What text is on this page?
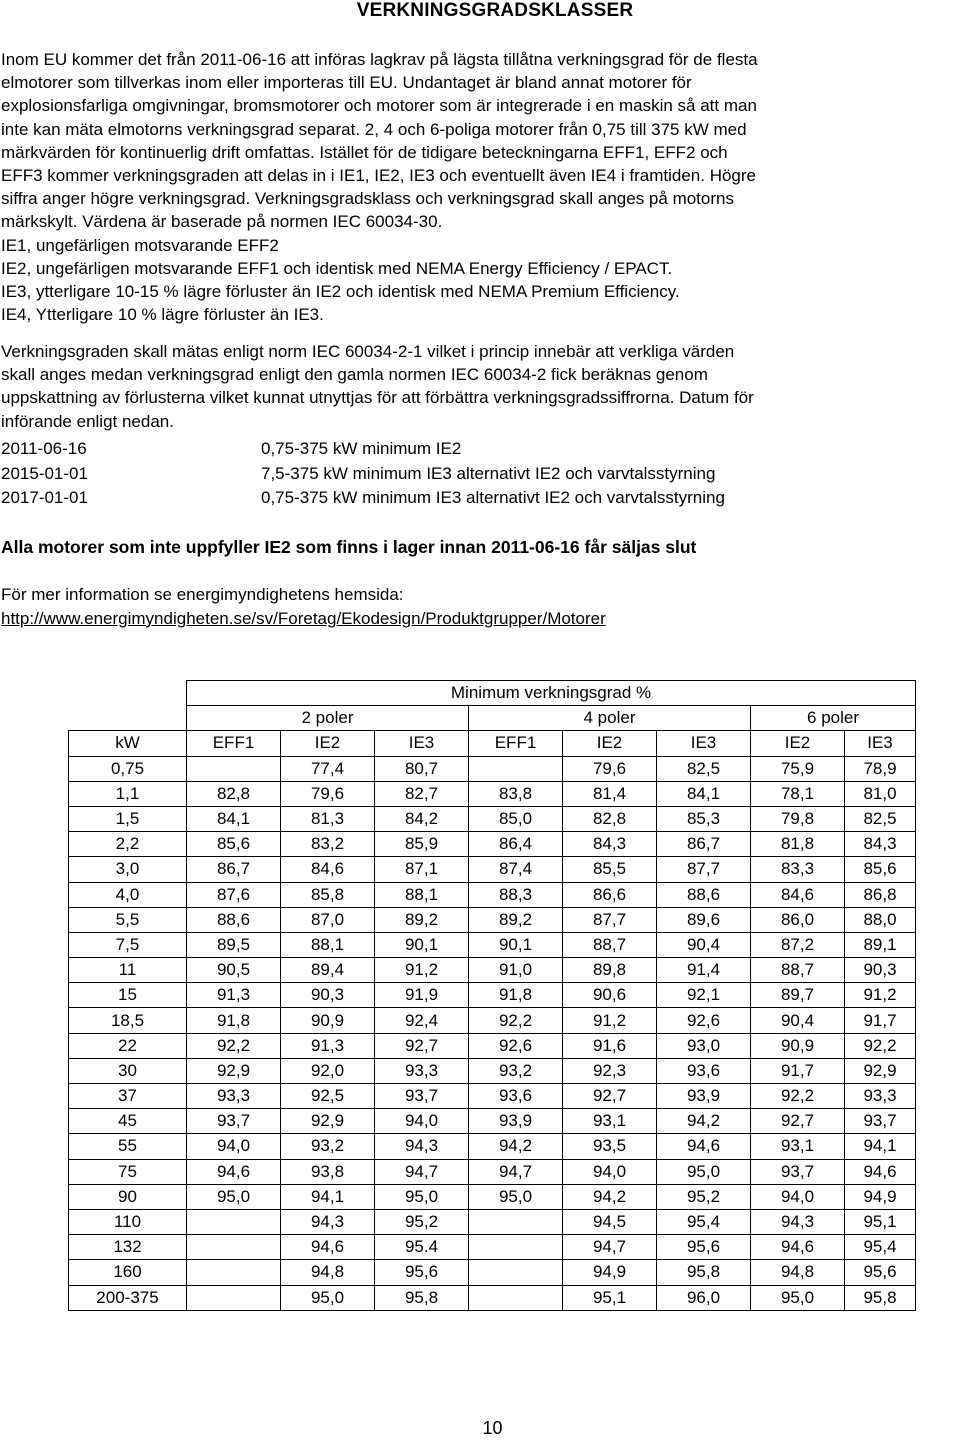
VERKNINGSGRADSKLASSER
Inom EU kommer det från 2011-06-16 att införas lagkrav på lägsta tillåtna verkningsgrad för de flesta
elmotorer som tillverkas inom eller importeras till EU. Undantaget är bland annat motorer för
explosionsfarliga omgivningar, bromsmotorer och motorer som är integrerade i en maskin så att man
inte kan mäta elmotorns verkningsgrad separat. 2, 4 och 6-poliga motorer från 0,75 till 375 kW med
märkvärden för kontinuerlig drift omfattas. Istället för de tidigare beteckningarna EFF1, EFF2 och
EFF3 kommer verkningsgraden att delas in i IE1, IE2, IE3 och eventuellt även IE4 i framtiden. Högre
siffra anger högre verkningsgrad. Verkningsgradsklass och verkningsgrad skall anges på motorns
märkskylt. Värdena är baserade på normen IEC 60034-30.
IE1, ungefärligen motsvarande EFF2
IE2, ungefärligen motsvarande EFF1 och identisk med NEMA Energy Efficiency / EPACT.
IE3, ytterligare 10-15 % lägre förluster än IE2 och identisk med NEMA Premium Efficiency.
IE4, Ytterligare 10 % lägre förluster än IE3.
Verkningsgraden skall mätas enligt norm IEC 60034-2-1 vilket i princip innebär att verkliga värden
skall anges medan verkningsgrad enligt den gamla normen IEC 60034-2 fick beräknas genom
uppskattning av förlusterna vilket kunnat utnyttjas för att förbättra verkningsgradssiffrorna. Datum för
införande enligt nedan.
2011-06-16	0,75-375 kW minimum IE2
2015-01-01	7,5-375 kW minimum IE3 alternativt IE2 och varvtalsstyrning
2017-01-01	0,75-375 kW minimum IE3 alternativt IE2 och varvtalsstyrning
Alla motorer som inte uppfyller IE2 som finns i lager innan 2011-06-16 får säljas slut
För mer information se energimyndighetens hemsida:
http://www.energimyndigheten.se/sv/Foretag/Ekodesign/Produktgrupper/Motorer
	Minimum verkningsgrad %							
	2 poler			4 poler			6 poler	
kW	EFF1	IE2	IE3	EFF1	IE2	IE3	IE2	IE3
0,75		77,4	80,7		79,6	82,5	75,9	78,9
1,1	82,8	79,6	82,7	83,8	81,4	84,1	78,1	81,0
1,5	84,1	81,3	84,2	85,0	82,8	85,3	79,8	82,5
2,2	85,6	83,2	85,9	86,4	84,3	86,7	81,8	84,3
3,0	86,7	84,6	87,1	87,4	85,5	87,7	83,3	85,6
4,0	87,6	85,8	88,1	88,3	86,6	88,6	84,6	86,8
5,5	88,6	87,0	89,2	89,2	87,7	89,6	86,0	88,0
7,5	89,5	88,1	90,1	90,1	88,7	90,4	87,2	89,1
11	90,5	89,4	91,2	91,0	89,8	91,4	88,7	90,3
15	91,3	90,3	91,9	91,8	90,6	92,1	89,7	91,2
18,5	91,8	90,9	92,4	92,2	91,2	92,6	90,4	91,7
22	92,2	91,3	92,7	92,6	91,6	93,0	90,9	92,2
30	92,9	92,0	93,3	93,2	92,3	93,6	91,7	92,9
37	93,3	92,5	93,7	93,6	92,7	93,9	92,2	93,3
45	93,7	92,9	94,0	93,9	93,1	94,2	92,7	93,7
55	94,0	93,2	94,3	94,2	93,5	94,6	93,1	94,1
75	94,6	93,8	94,7	94,7	94,0	95,0	93,7	94,6
90	95,0	94,1	95,0	95,0	94,2	95,2	94,0	94,9
110		94,3	95,2		94,5	95,4	94,3	95,1
132		94,6	95.4		94,7	95,6	94,6	95,4
160		94,8	95,6		94,9	95,8	94,8	95,6
200-375		95,0	95,8		95,1	96,0	95,0	95,8
10
